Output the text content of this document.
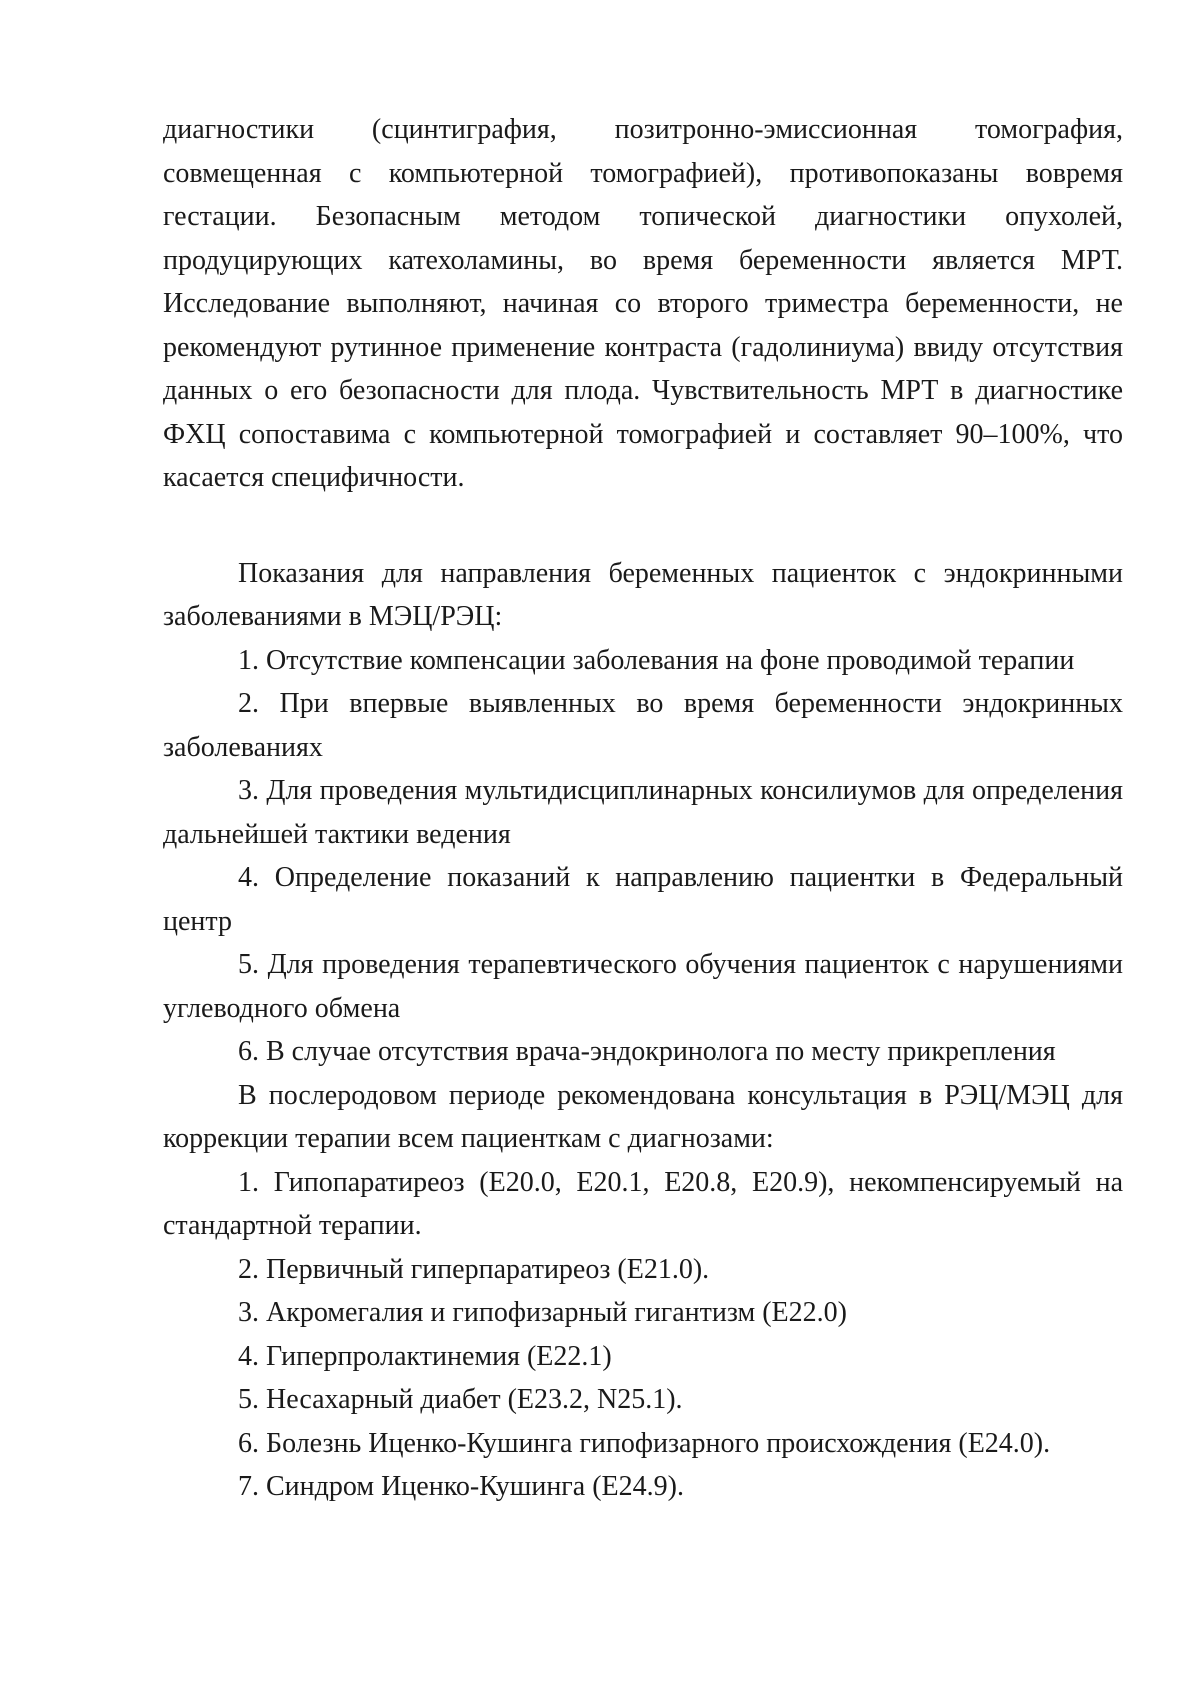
диагностики (сцинтиграфия, позитронно-эмиссионная томография, совмещенная с компьютерной томографией), противопоказаны вовремя гестации. Безопасным методом топической диагностики опухолей, продуцирующих катехоламины, во время беременности является МРТ. Исследование выполняют, начиная со второго триместра беременности, не рекомендуют рутинное применение контраста (гадолиниума) ввиду отсутствия данных о его безопасности для плода. Чувствительность МРТ в диагностике ФХЦ сопоставима с компьютерной томографией и составляет 90–100%, что касается специфичности.

Показания для направления беременных пациенток с эндокринными заболеваниями в МЭЦ/РЭЦ:

1. Отсутствие компенсации заболевания на фоне проводимой терапии
2. При впервые выявленных во время беременности эндокринных заболеваниях
3. Для проведения мультидисциплинарных консилиумов для определения дальнейшей тактики ведения
4. Определение показаний к направлению пациентки в Федеральный центр
5. Для проведения терапевтического обучения пациенток с нарушениями углеводного обмена
6. В случае отсутствия врача-эндокринолога по месту прикрепления

В послеродовом периоде рекомендована консультация в РЭЦ/МЭЦ для коррекции терапии всем пациенткам с диагнозами:

1. Гипопаратиреоз (Е20.0, Е20.1, Е20.8, Е20.9), некомпенсируемый на стандартной терапии.
2. Первичный гиперпаратиреоз (Е21.0).
3. Акромегалия и гипофизарный гигантизм (Е22.0)
4. Гиперпролактинемия (Е22.1)
5. Несахарный диабет (Е23.2, N25.1).
6. Болезнь Иценко-Кушинга гипофизарного происхождения (Е24.0).
7. Синдром Иценко-Кушинга (Е24.9).
